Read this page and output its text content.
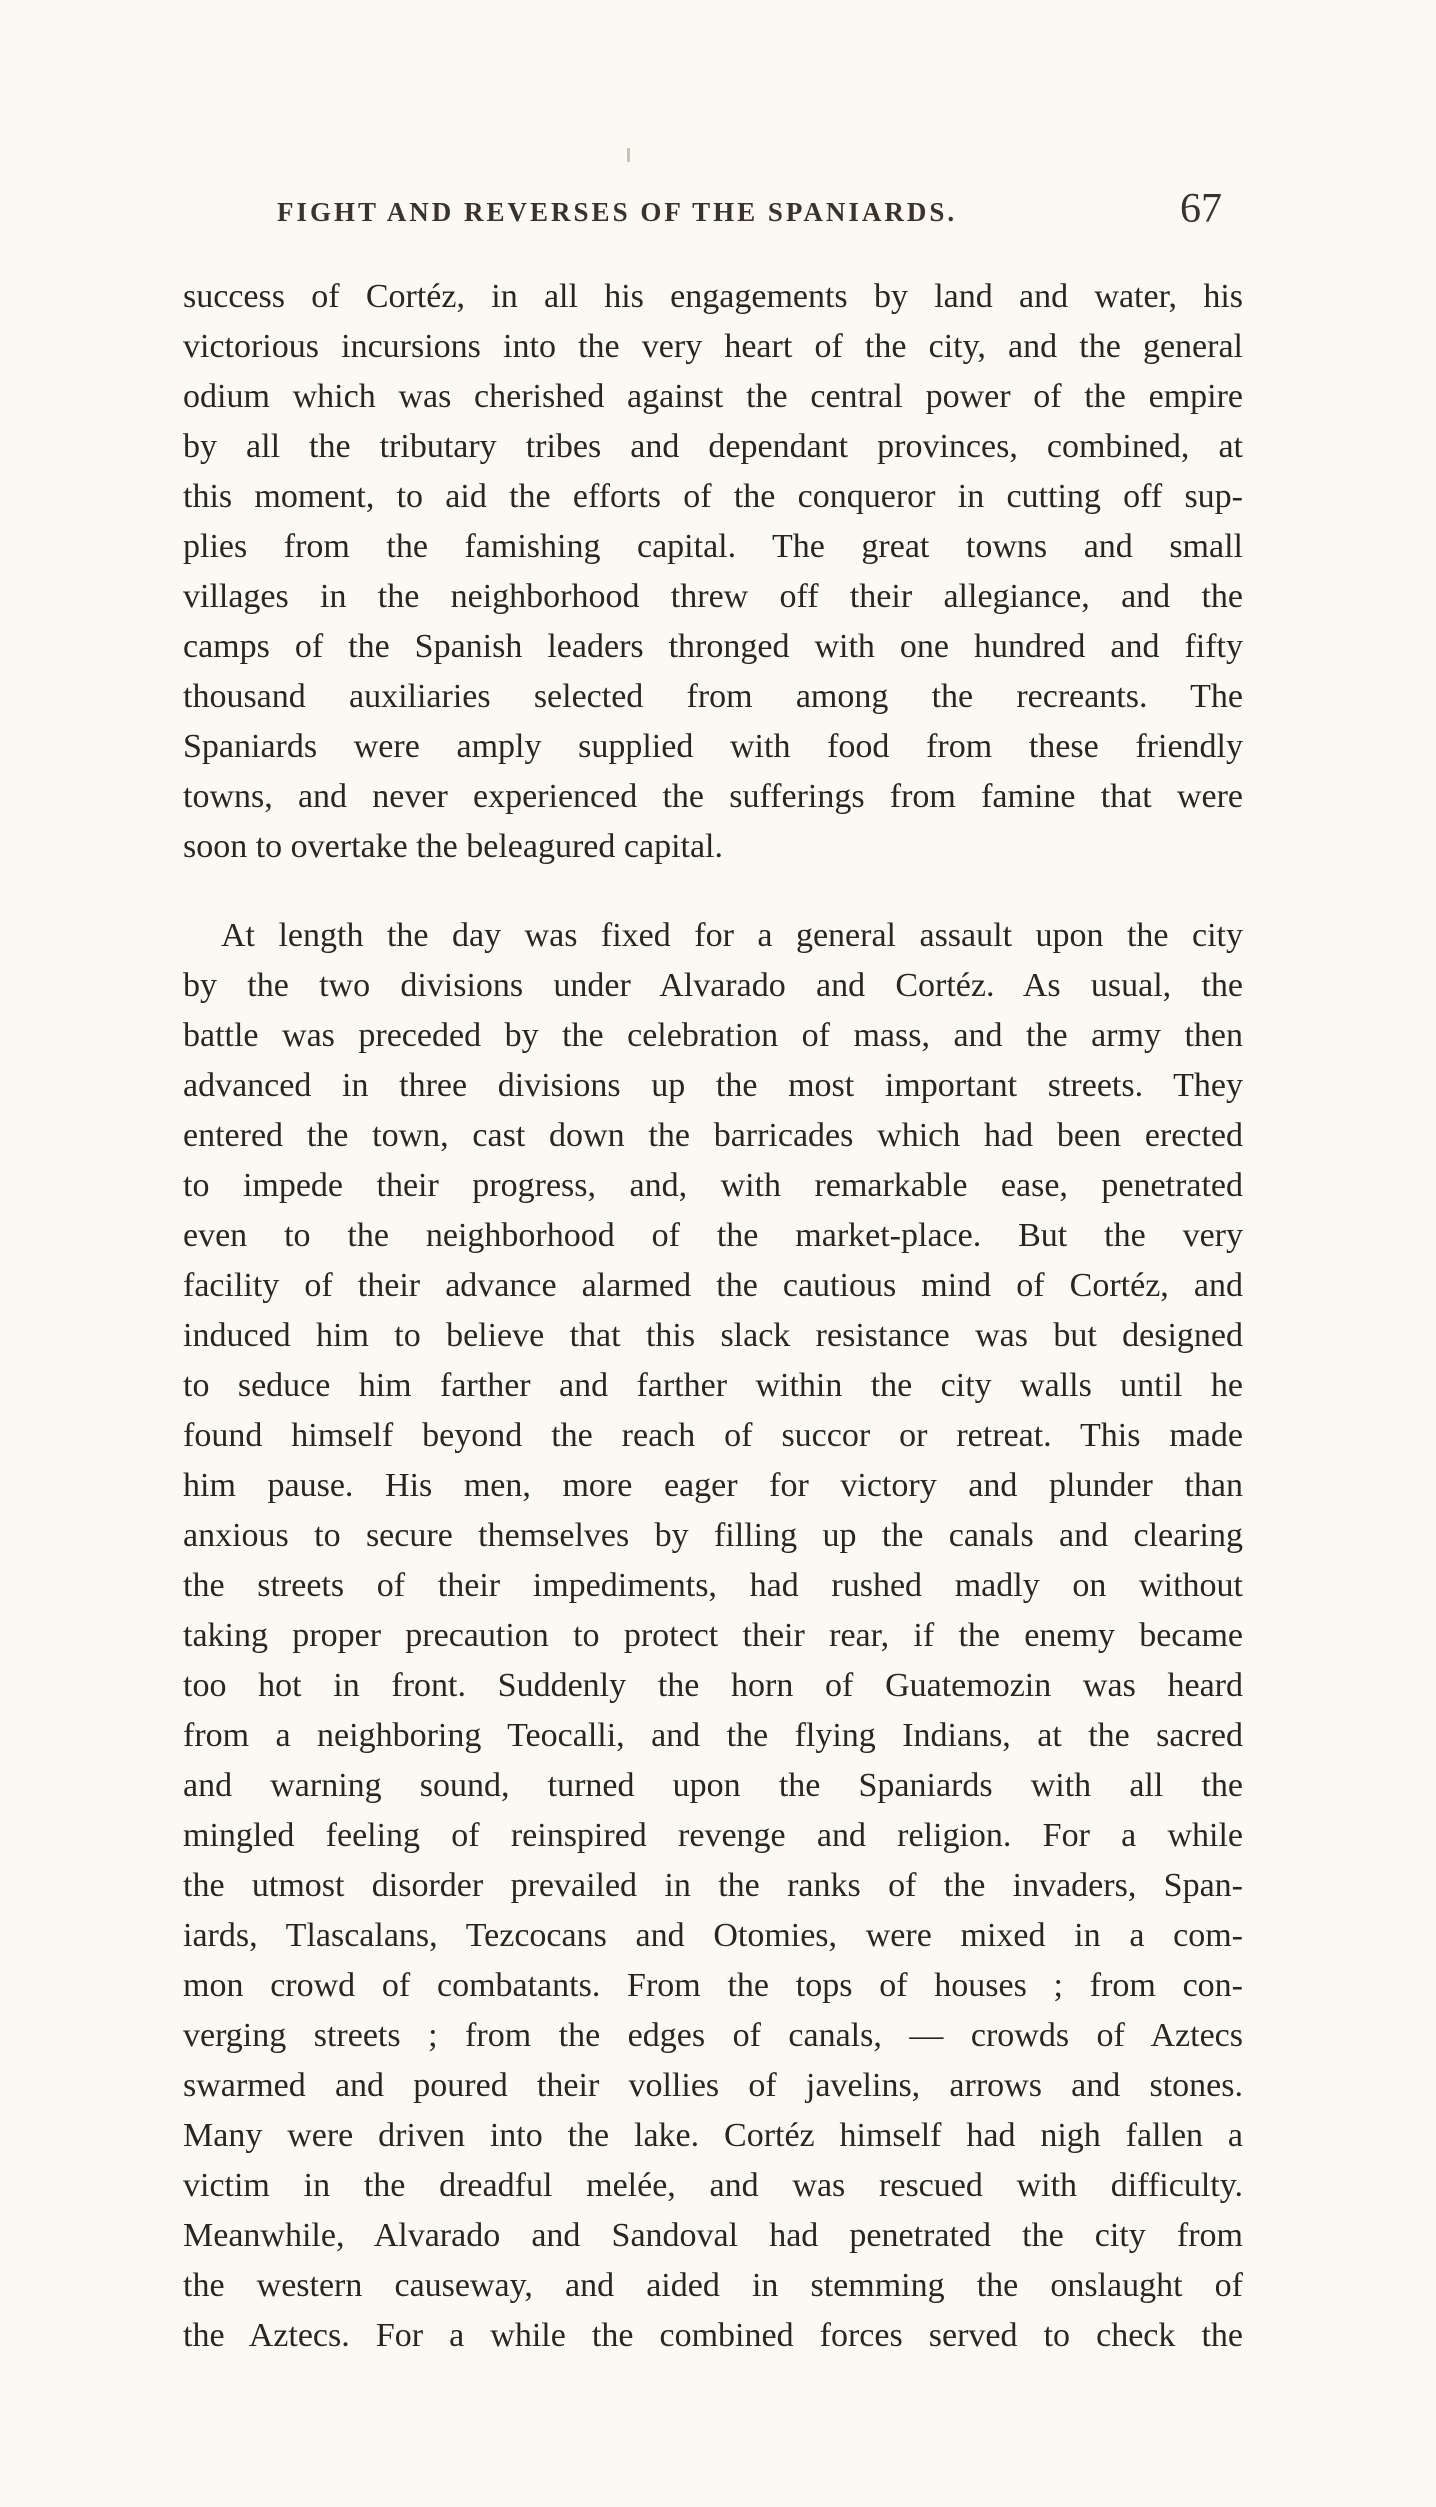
FIGHT AND REVERSES OF THE SPANIARDS.	67
success of Cortéz, in all his engagements by land and water, his
victorious incursions into the very heart of the city, and the general
odium which was cherished against the central power of the empire
by all the tributary tribes and dependant provinces, combined, at
this moment, to aid the efforts of the conqueror in cutting off sup-
plies from the famishing capital. The great towns and small
villages in the neighborhood threw off their allegiance, and the
camps of the Spanish leaders thronged with one hundred and fifty
thousand auxiliaries selected from among the recreants. The
Spaniards were amply supplied with food from these friendly
towns, and never experienced the sufferings from famine that were
soon to overtake the beleagured capital.
At length the day was fixed for a general assault upon the city
by the two divisions under Alvarado and Cortéz. As usual, the
battle was preceded by the celebration of mass, and the army then
advanced in three divisions up the most important streets. They
entered the town, cast down the barricades which had been erected
to impede their progress, and, with remarkable ease, penetrated
even to the neighborhood of the market-place. But the very
facility of their advance alarmed the cautious mind of Cortéz, and
induced him to believe that this slack resistance was but designed
to seduce him farther and farther within the city walls until he
found himself beyond the reach of succor or retreat. This made
him pause. His men, more eager for victory and plunder than
anxious to secure themselves by filling up the canals and clearing
the streets of their impediments, had rushed madly on without
taking proper precaution to protect their rear, if the enemy became
too hot in front. Suddenly the horn of Guatemozin was heard
from a neighboring Teocalli, and the flying Indians, at the sacred
and warning sound, turned upon the Spaniards with all the
mingled feeling of reinspired revenge and religion. For a while
the utmost disorder prevailed in the ranks of the invaders, Span-
iards, Tlascalans, Tezcocans and Otomies, were mixed in a com-
mon crowd of combatants. From the tops of houses ; from con-
verging streets ; from the edges of canals, — crowds of Aztecs
swarmed and poured their vollies of javelins, arrows and stones.
Many were driven into the lake. Cortéz himself had nigh fallen a
victim in the dreadful melée, and was rescued with difficulty.
Meanwhile, Alvarado and Sandoval had penetrated the city from
the western causeway, and aided in stemming the onslaught of
the Aztecs. For a while the combined forces served to check the
